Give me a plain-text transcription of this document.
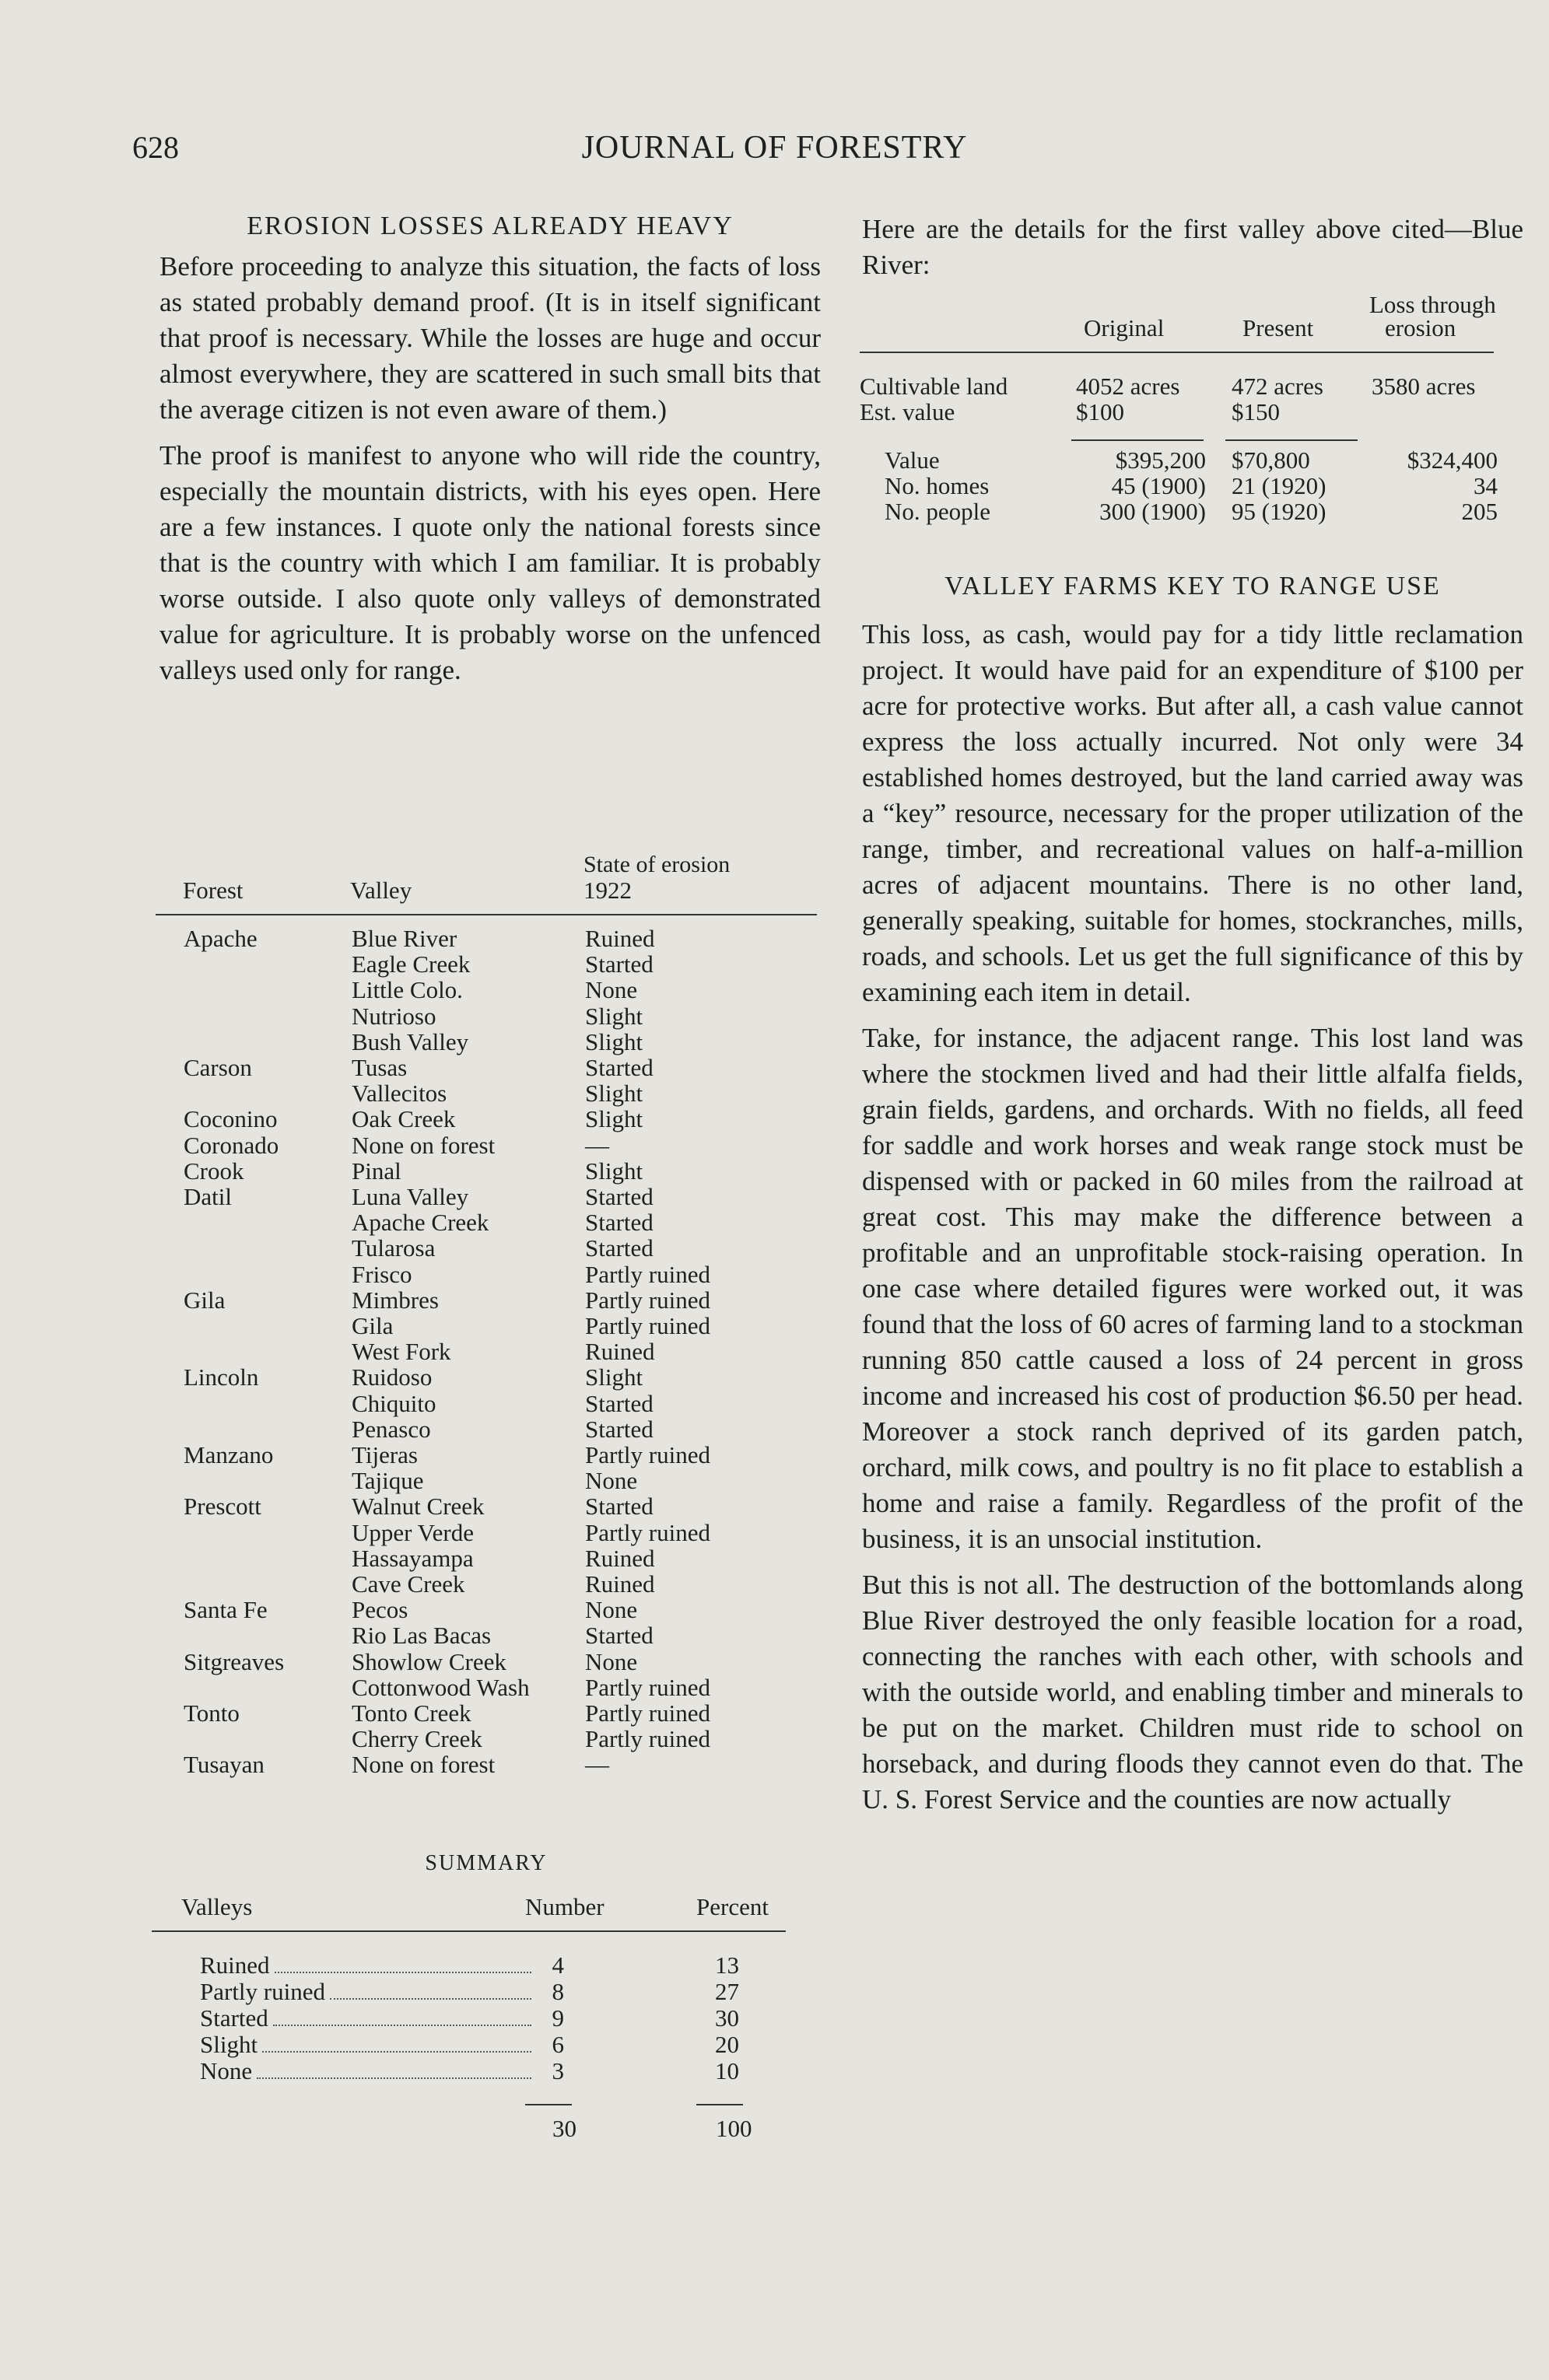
628	JOURNAL OF FORESTRY
EROSION LOSSES ALREADY HEAVY

Before proceeding to analyze this situation, the facts of loss as stated probably demand proof. (It is in itself significant that proof is necessary. While the losses are huge and occur almost everywhere, they are scattered in such small bits that the average citizen is not even aware of them.)

The proof is manifest to anyone who will ride the country, especially the mountain districts, with his eyes open. Here are a few instances. I quote only the national forests since that is the country with which I am familiar. It is probably worse outside. I also quote only valleys of demonstrated value for agriculture. It is probably worse on the unfenced valleys used only for range.

State of erosion
Forest	Valley	1922
Apache	Blue River	Ruined
Eagle Creek	Started
Little Colo.	None
Nutrioso	Slight
Bush Valley	Slight
Carson	Tusas	Started
Vallecitos	Slight
Coconino	Oak Creek	Slight
Coronado	None on forest	—
Crook	Pinal	Slight
Datil	Luna Valley	Started
Apache Creek	Started
Tularosa	Started
Frisco	Partly ruined
Gila	Mimbres	Partly ruined
Gila	Partly ruined
West Fork	Ruined
Lincoln	Ruidoso	Slight
Chiquito	Started
Penasco	Started
Manzano	Tijeras	Partly ruined
Tajique	None
Prescott	Walnut Creek	Started
Upper Verde	Partly ruined
Hassayampa	Ruined
Cave Creek	Ruined
Santa Fe	Pecos	None
Rio Las Bacas	Started
Sitgreaves	Showlow Creek	None
Cottonwood Wash Partly ruined
Tonto	Tonto Creek	Partly ruined
Cherry Creek	Partly ruined
Tusayan	None on forest	—
SUMMARY
Valleys	Number	Percent
Ruined	4	13
Partly ruined	8	27
Started	9	30
Slight	6	20
None	3	10
30	100
Here are the details for the first valley above cited—Blue River:
Loss through
Original	Present	erosion
Cultivable land	4052 acres 472 acres 3580 acres
Est. value	$100	$150
Value	$395,200 $70,800	$324,400
No. homes	45 (1900) 21 (1920)	34
No. people	300 (1900) 95 (1920)	205
VALLEY FARMS KEY TO RANGE USE

This loss, as cash, would pay for a tidy little reclamation project. It would have paid for an expenditure of $100 per acre for protective works. But after all, a cash value cannot express the loss actually incurred. Not only were 34 established homes destroyed, but the land carried away was a “key” resource, necessary for the proper utilization of the range, timber, and recreational values on half-a-million acres of adjacent mountains. There is no other land, generally speaking, suitable for homes, stockranches, mills, roads, and schools. Let us get the full significance of this by examining each item in detail.

Take, for instance, the adjacent range. This lost land was where the stockmen lived and had their little alfalfa fields, grain fields, gardens, and orchards. With no fields, all feed for saddle and work horses and weak range stock must be dispensed with or packed in 60 miles from the railroad at great cost. This may make the difference between a profitable and an unprofitable stock-raising operation. In one case where detailed figures were worked out, it was found that the loss of 60 acres of farming land to a stockman running 850 cattle caused a loss of 24 percent in gross income and increased his cost of production $6.50 per head. Moreover a stock ranch deprived of its garden patch, orchard, milk cows, and poultry is no fit place to establish a home and raise a family. Regardless of the profit of the business, it is an unsocial institution.

But this is not all. The destruction of the bottomlands along Blue River destroyed the only feasible location for a road, connecting the ranches with each other, with schools and with the outside world, and enabling timber and minerals to be put on the market. Children must ride to school on horseback, and during floods they cannot even do that. The U. S. Forest Service and the counties are now actually
